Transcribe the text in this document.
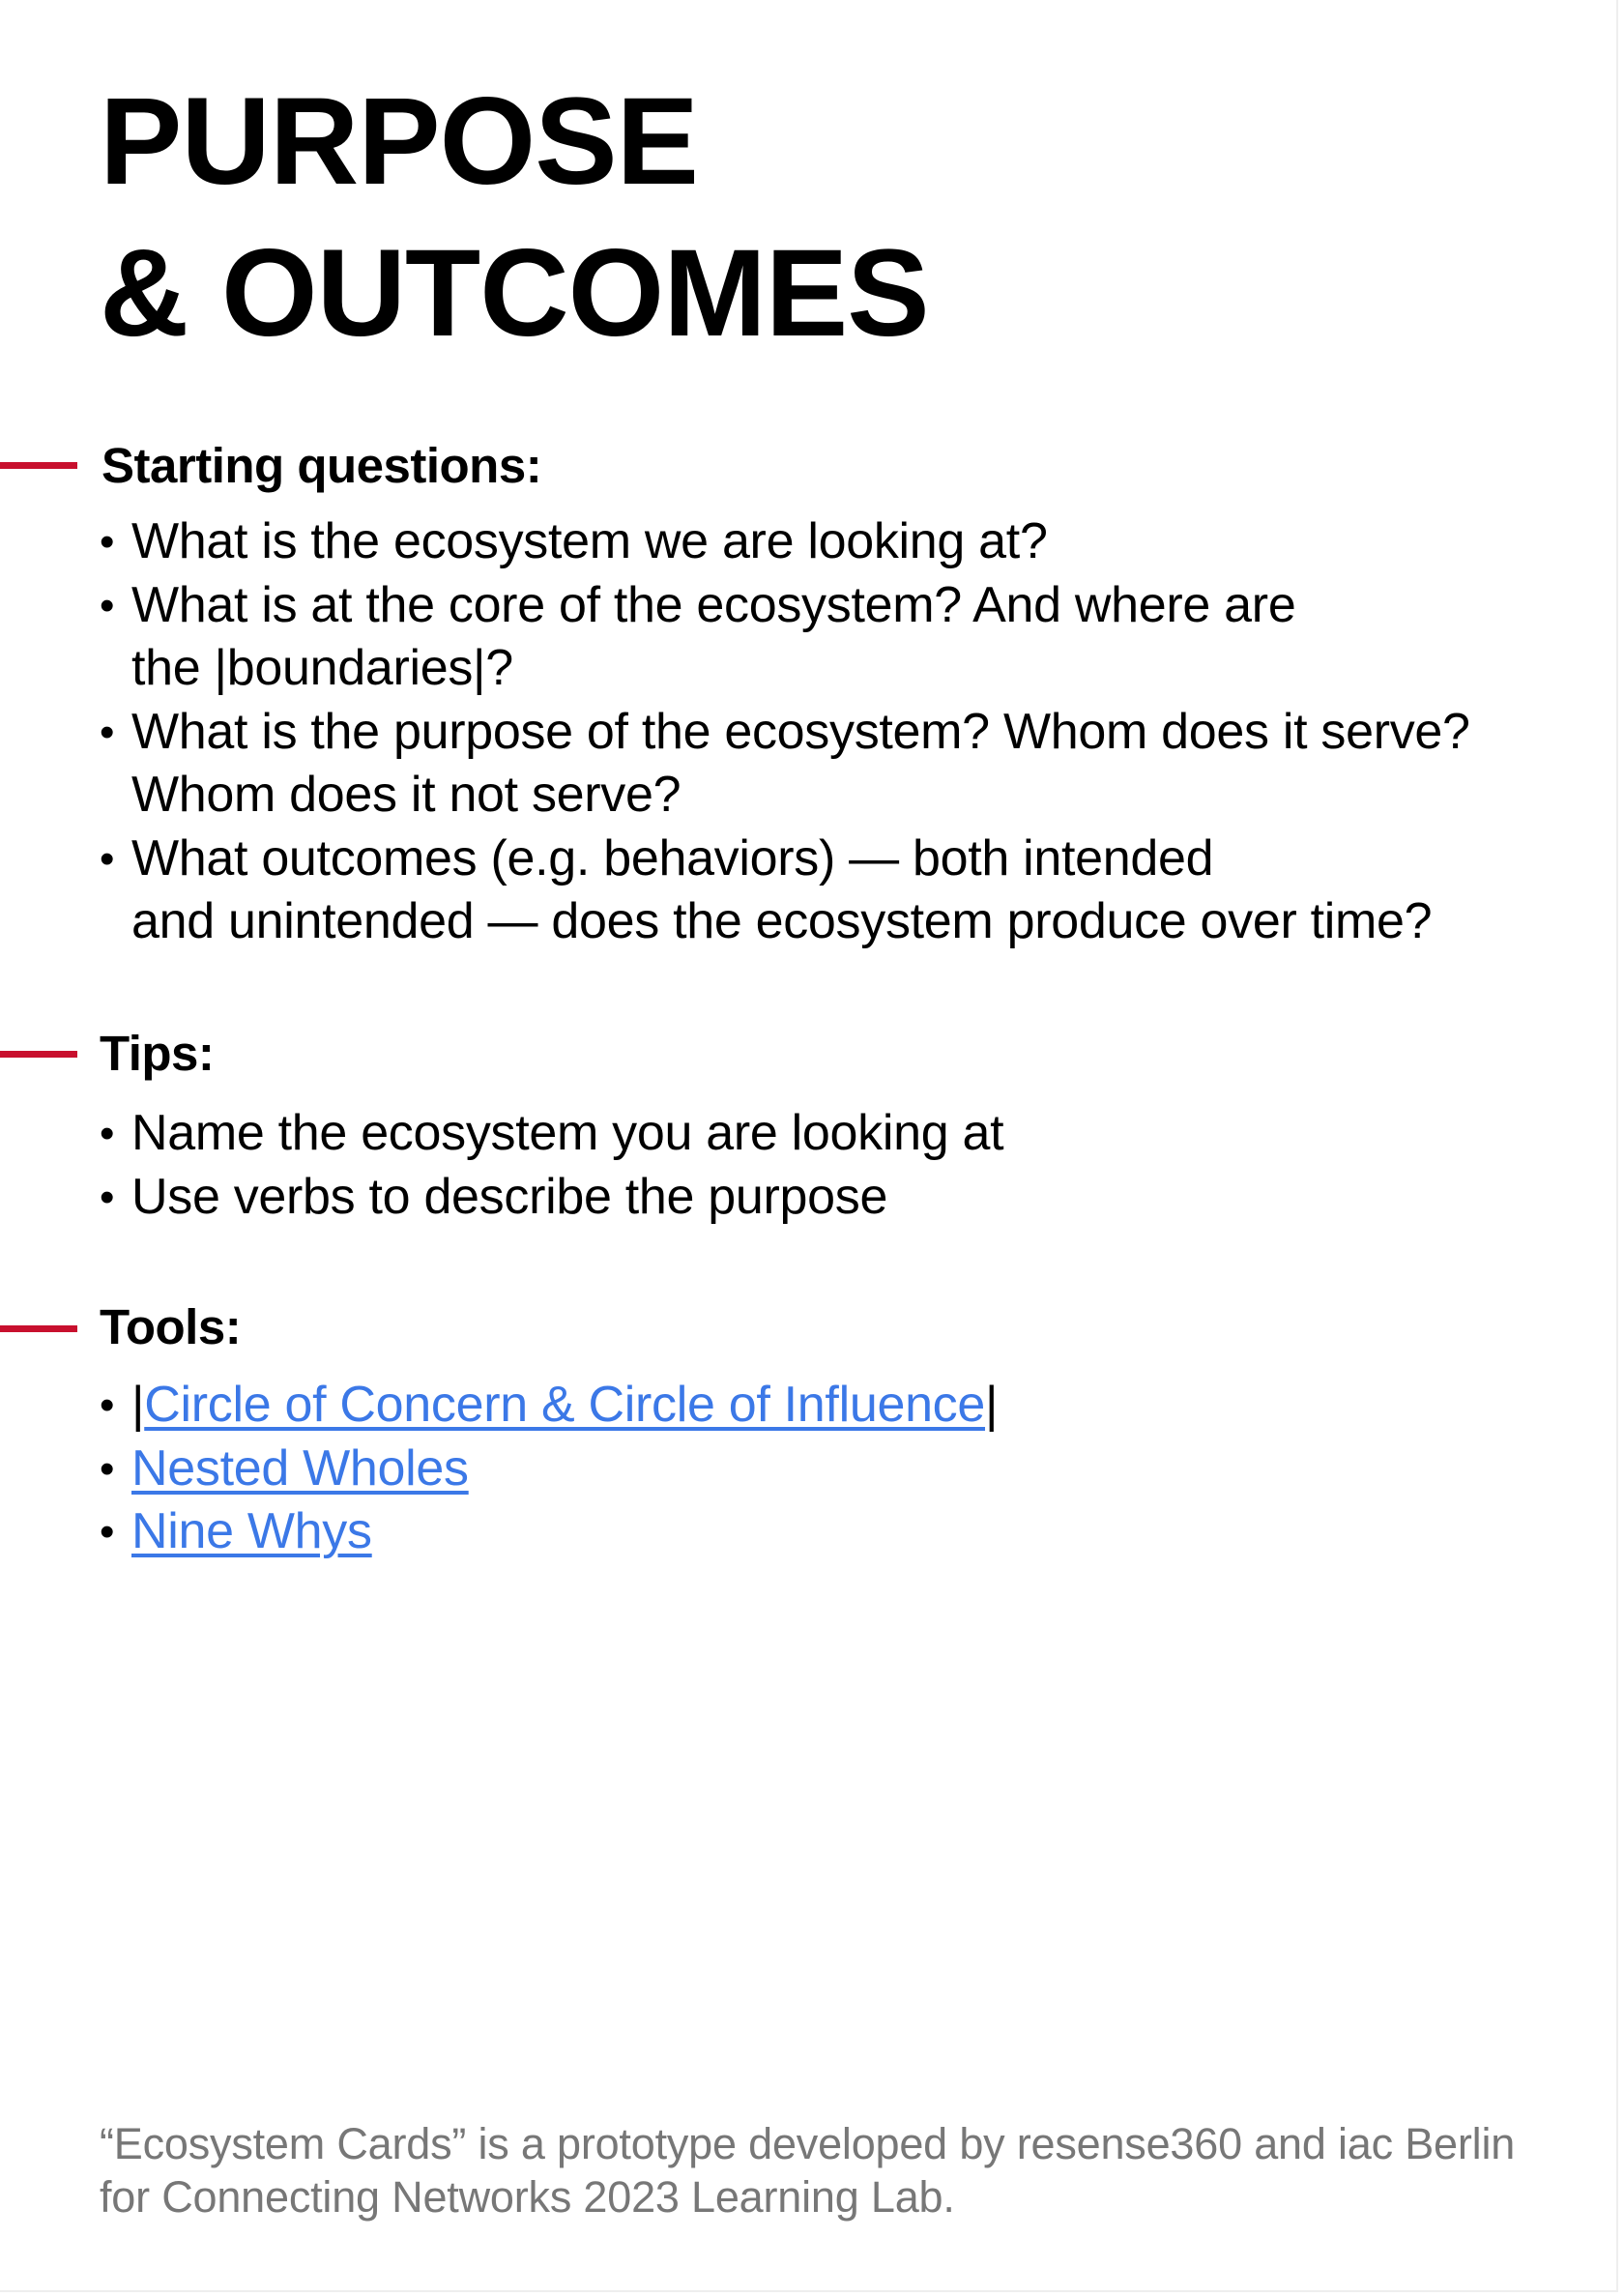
PURPOSE
& OUTCOMES
Starting questions:
• What is the ecosystem we are looking at?
• What is at the core of the ecosystem? And where are
the |boundaries|?
• What is the purpose of the ecosystem? Whom does it serve?
Whom does it not serve?
• What outcomes (e.g. behaviors) — both intended
and unintended — does the ecosystem produce over time?
Tips:
• Name the ecosystem you are looking at
• Use verbs to describe the purpose
Tools:
• |Circle of Concern & Circle of Influence|
• Nested Wholes
• Nine Whys

“Ecosystem Cards” is a prototype developed by resense360 and iac Berlin
for Connecting Networks 2023 Learning Lab.
